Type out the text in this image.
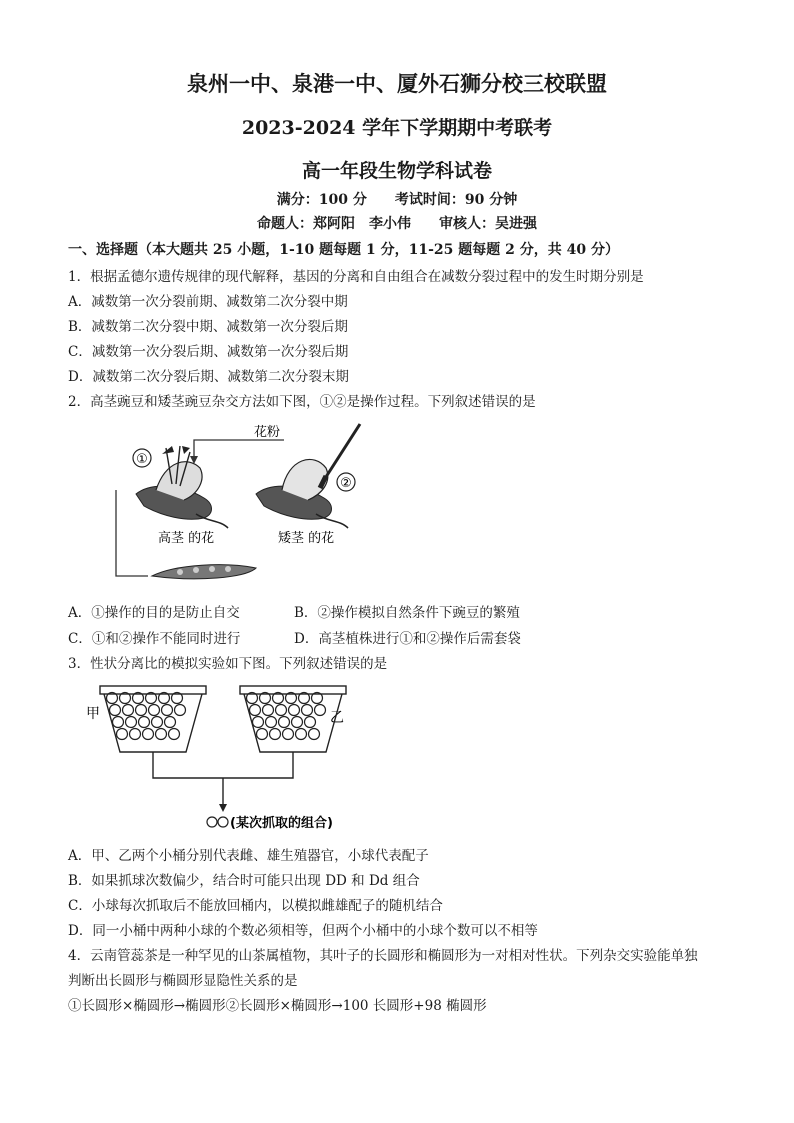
泉州一中、泉港一中、厦外石狮分校三校联盟
2023-2024 学年下学期期中考联考
高一年段生物学科试卷
满分：100 分 考试时间：90 分钟
命题人：郑阿阳　李小伟 审核人：吴进强
一、选择题（本大题共 25 小题，1-10 题每题 1 分，11-25 题每题 2 分，共 40 分）
1．根据孟德尔遗传规律的现代解释，基因的分离和自由组合在减数分裂过程中的发生时期分别是
A．减数第一次分裂前期、减数第二次分裂中期
B．减数第二次分裂中期、减数第一次分裂后期
C．减数第一次分裂后期、减数第一次分裂后期
D．减数第二次分裂后期、减数第二次分裂末期
2．高茎豌豆和矮茎豌豆杂交方法如下图，①②是操作过程。下列叙述错误的是
①
高茎 的花
②
矮茎 的花
花粉
A．①操作的目的是防止自交	B．②操作模拟自然条件下豌豆的繁殖
C．①和②操作不能同时进行	D．高茎植株进行①和②操作后需套袋
3．性状分离比的模拟实验如下图。下列叙述错误的是
甲	乙
(某次抓取的组合)
A．甲、乙两个小桶分别代表雌、雄生殖器官，小球代表配子
B．如果抓球次数偏少，结合时可能只出现 DD 和 Dd 组合
C．小球每次抓取后不能放回桶内，以模拟雌雄配子的随机结合
D．同一小桶中两种小球的个数必须相等，但两个小桶中的小球个数可以不相等
4．云南管蕊茶是一种罕见的山茶属植物，其叶子的长圆形和椭圆形为一对相对性状。下列杂交实验能单独
判断出长圆形与椭圆形显隐性关系的是
①长圆形×椭圆形→椭圆形②长圆形×椭圆形→100 长圆形+98 椭圆形
